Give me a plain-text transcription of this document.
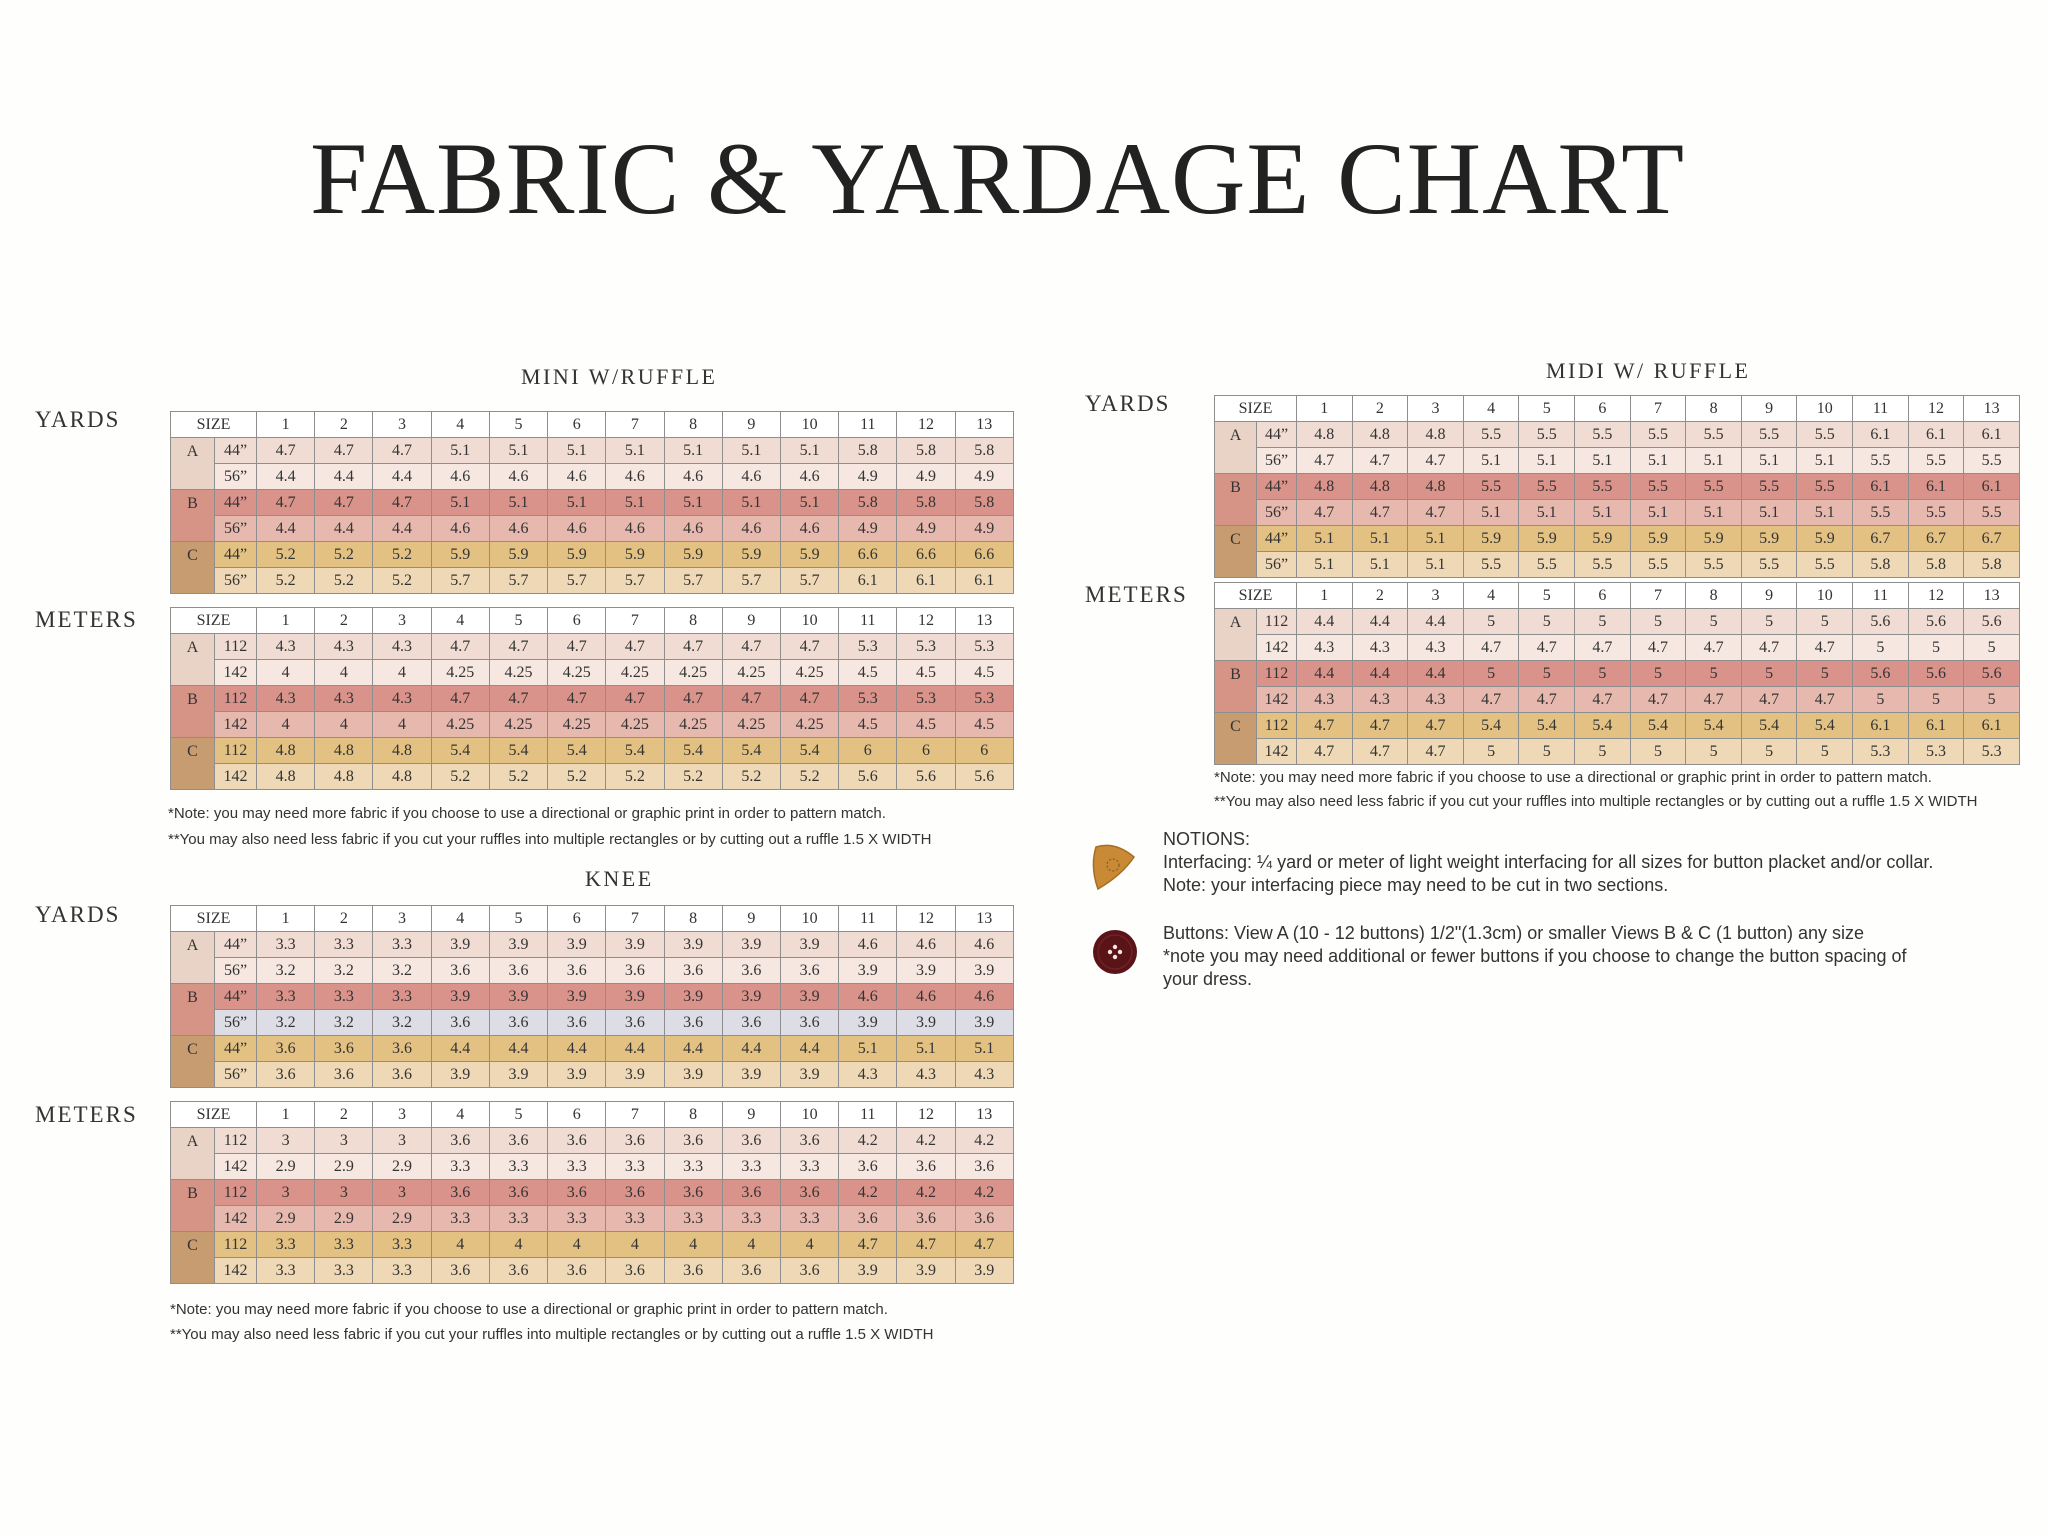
FABRIC & YARDAGE CHART
MINI W/RUFFLE
YARDS	SIZE		1	2	3	4	5	6	7	8	9	10	11	12	13
A	44”	4.7	4.7	4.7	5.1	5.1	5.1	5.1	5.1	5.1	5.1	5.8	5.8	5.8
	56”	4.4	4.4	4.4	4.6	4.6	4.6	4.6	4.6	4.6	4.6	4.9	4.9	4.9
B	44”	4.7	4.7	4.7	5.1	5.1	5.1	5.1	5.1	5.1	5.1	5.8	5.8	5.8
	56”	4.4	4.4	4.4	4.6	4.6	4.6	4.6	4.6	4.6	4.6	4.9	4.9	4.9
C	44”	5.2	5.2	5.2	5.9	5.9	5.9	5.9	5.9	5.9	5.9	6.6	6.6	6.6
	56”	5.2	5.2	5.2	5.7	5.7	5.7	5.7	5.7	5.7	5.7	6.1	6.1	6.1
METERS	SIZE		1	2	3	4	5	6	7	8	9	10	11	12	13
A	112	4.3	4.3	4.3	4.7	4.7	4.7	4.7	4.7	4.7	4.7	5.3	5.3	5.3
	142	4	4	4	4.25	4.25	4.25	4.25	4.25	4.25	4.25	4.5	4.5	4.5
B	112	4.3	4.3	4.3	4.7	4.7	4.7	4.7	4.7	4.7	4.7	5.3	5.3	5.3
	142	4	4	4	4.25	4.25	4.25	4.25	4.25	4.25	4.25	4.5	4.5	4.5
C	112	4.8	4.8	4.8	5.4	5.4	5.4	5.4	5.4	5.4	5.4	6	6	6
	142	4.8	4.8	4.8	5.2	5.2	5.2	5.2	5.2	5.2	5.2	5.6	5.6	5.6
*Note: you may need more fabric if you choose to use a directional or graphic print in order to pattern match.
**You may also need less fabric if you cut your ruffles into multiple rectangles or by cutting out a ruffle 1.5 X WIDTH
KNEE
YARDS	SIZE		1	2	3	4	5	6	7	8	9	10	11	12	13
A	44”	3.3	3.3	3.3	3.9	3.9	3.9	3.9	3.9	3.9	3.9	4.6	4.6	4.6
	56”	3.2	3.2	3.2	3.6	3.6	3.6	3.6	3.6	3.6	3.6	3.9	3.9	3.9
B	44”	3.3	3.3	3.3	3.9	3.9	3.9	3.9	3.9	3.9	3.9	4.6	4.6	4.6
	56”	3.2	3.2	3.2	3.6	3.6	3.6	3.6	3.6	3.6	3.6	3.9	3.9	3.9
C	44”	3.6	3.6	3.6	4.4	4.4	4.4	4.4	4.4	4.4	4.4	5.1	5.1	5.1
	56”	3.6	3.6	3.6	3.9	3.9	3.9	3.9	3.9	3.9	3.9	4.3	4.3	4.3
METERS	SIZE		1	2	3	4	5	6	7	8	9	10	11	12	13
A	112	3	3	3	3.6	3.6	3.6	3.6	3.6	3.6	3.6	4.2	4.2	4.2
	142	2.9	2.9	2.9	3.3	3.3	3.3	3.3	3.3	3.3	3.3	3.6	3.6	3.6
B	112	3	3	3	3.6	3.6	3.6	3.6	3.6	3.6	3.6	4.2	4.2	4.2
	142	2.9	2.9	2.9	3.3	3.3	3.3	3.3	3.3	3.3	3.3	3.6	3.6	3.6
C	112	3.3	3.3	3.3	4	4	4	4	4	4	4	4.7	4.7	4.7
	142	3.3	3.3	3.3	3.6	3.6	3.6	3.6	3.6	3.6	3.6	3.9	3.9	3.9
*Note: you may need more fabric if you choose to use a directional or graphic print in order to pattern match.
**You may also need less fabric if you cut your ruffles into multiple rectangles or by cutting out a ruffle 1.5 X WIDTH
MIDI W/ RUFFLE
YARDS	SIZE		1	2	3	4	5	6	7	8	9	10	11	12	13
A	44”	4.8	4.8	4.8	5.5	5.5	5.5	5.5	5.5	5.5	5.5	6.1	6.1	6.1
	56”	4.7	4.7	4.7	5.1	5.1	5.1	5.1	5.1	5.1	5.1	5.5	5.5	5.5
B	44”	4.8	4.8	4.8	5.5	5.5	5.5	5.5	5.5	5.5	5.5	6.1	6.1	6.1
	56”	4.7	4.7	4.7	5.1	5.1	5.1	5.1	5.1	5.1	5.1	5.5	5.5	5.5
C	44”	5.1	5.1	5.1	5.9	5.9	5.9	5.9	5.9	5.9	5.9	6.7	6.7	6.7
	56”	5.1	5.1	5.1	5.5	5.5	5.5	5.5	5.5	5.5	5.5	5.8	5.8	5.8
METERS	SIZE		1	2	3	4	5	6	7	8	9	10	11	12	13
A	112	4.4	4.4	4.4	5	5	5	5	5	5	5	5.6	5.6	5.6
	142	4.3	4.3	4.3	4.7	4.7	4.7	4.7	4.7	4.7	4.7	5	5	5
B	112	4.4	4.4	4.4	5	5	5	5	5	5	5	5.6	5.6	5.6
	142	4.3	4.3	4.3	4.7	4.7	4.7	4.7	4.7	4.7	4.7	5	5	5
C	112	4.7	4.7	4.7	5.4	5.4	5.4	5.4	5.4	5.4	5.4	6.1	6.1	6.1
	142	4.7	4.7	4.7	5	5	5	5	5	5	5	5.3	5.3	5.3
*Note: you may need more fabric if you choose to use a directional or graphic print in order to pattern match.
**You may also need less fabric if you cut your ruffles into multiple rectangles or by cutting out a ruffle 1.5 X WIDTH
NOTIONS:
Interfacing: ¼ yard or meter of light weight interfacing for all sizes for button placket and/or collar.
Note: your interfacing piece may need to be cut in two sections.
Buttons: View A (10 - 12 buttons) 1/2"(1.3cm) or smaller Views B & C (1 button) any size
*note you may need additional or fewer buttons if you choose to change the button spacing of
your dress.
